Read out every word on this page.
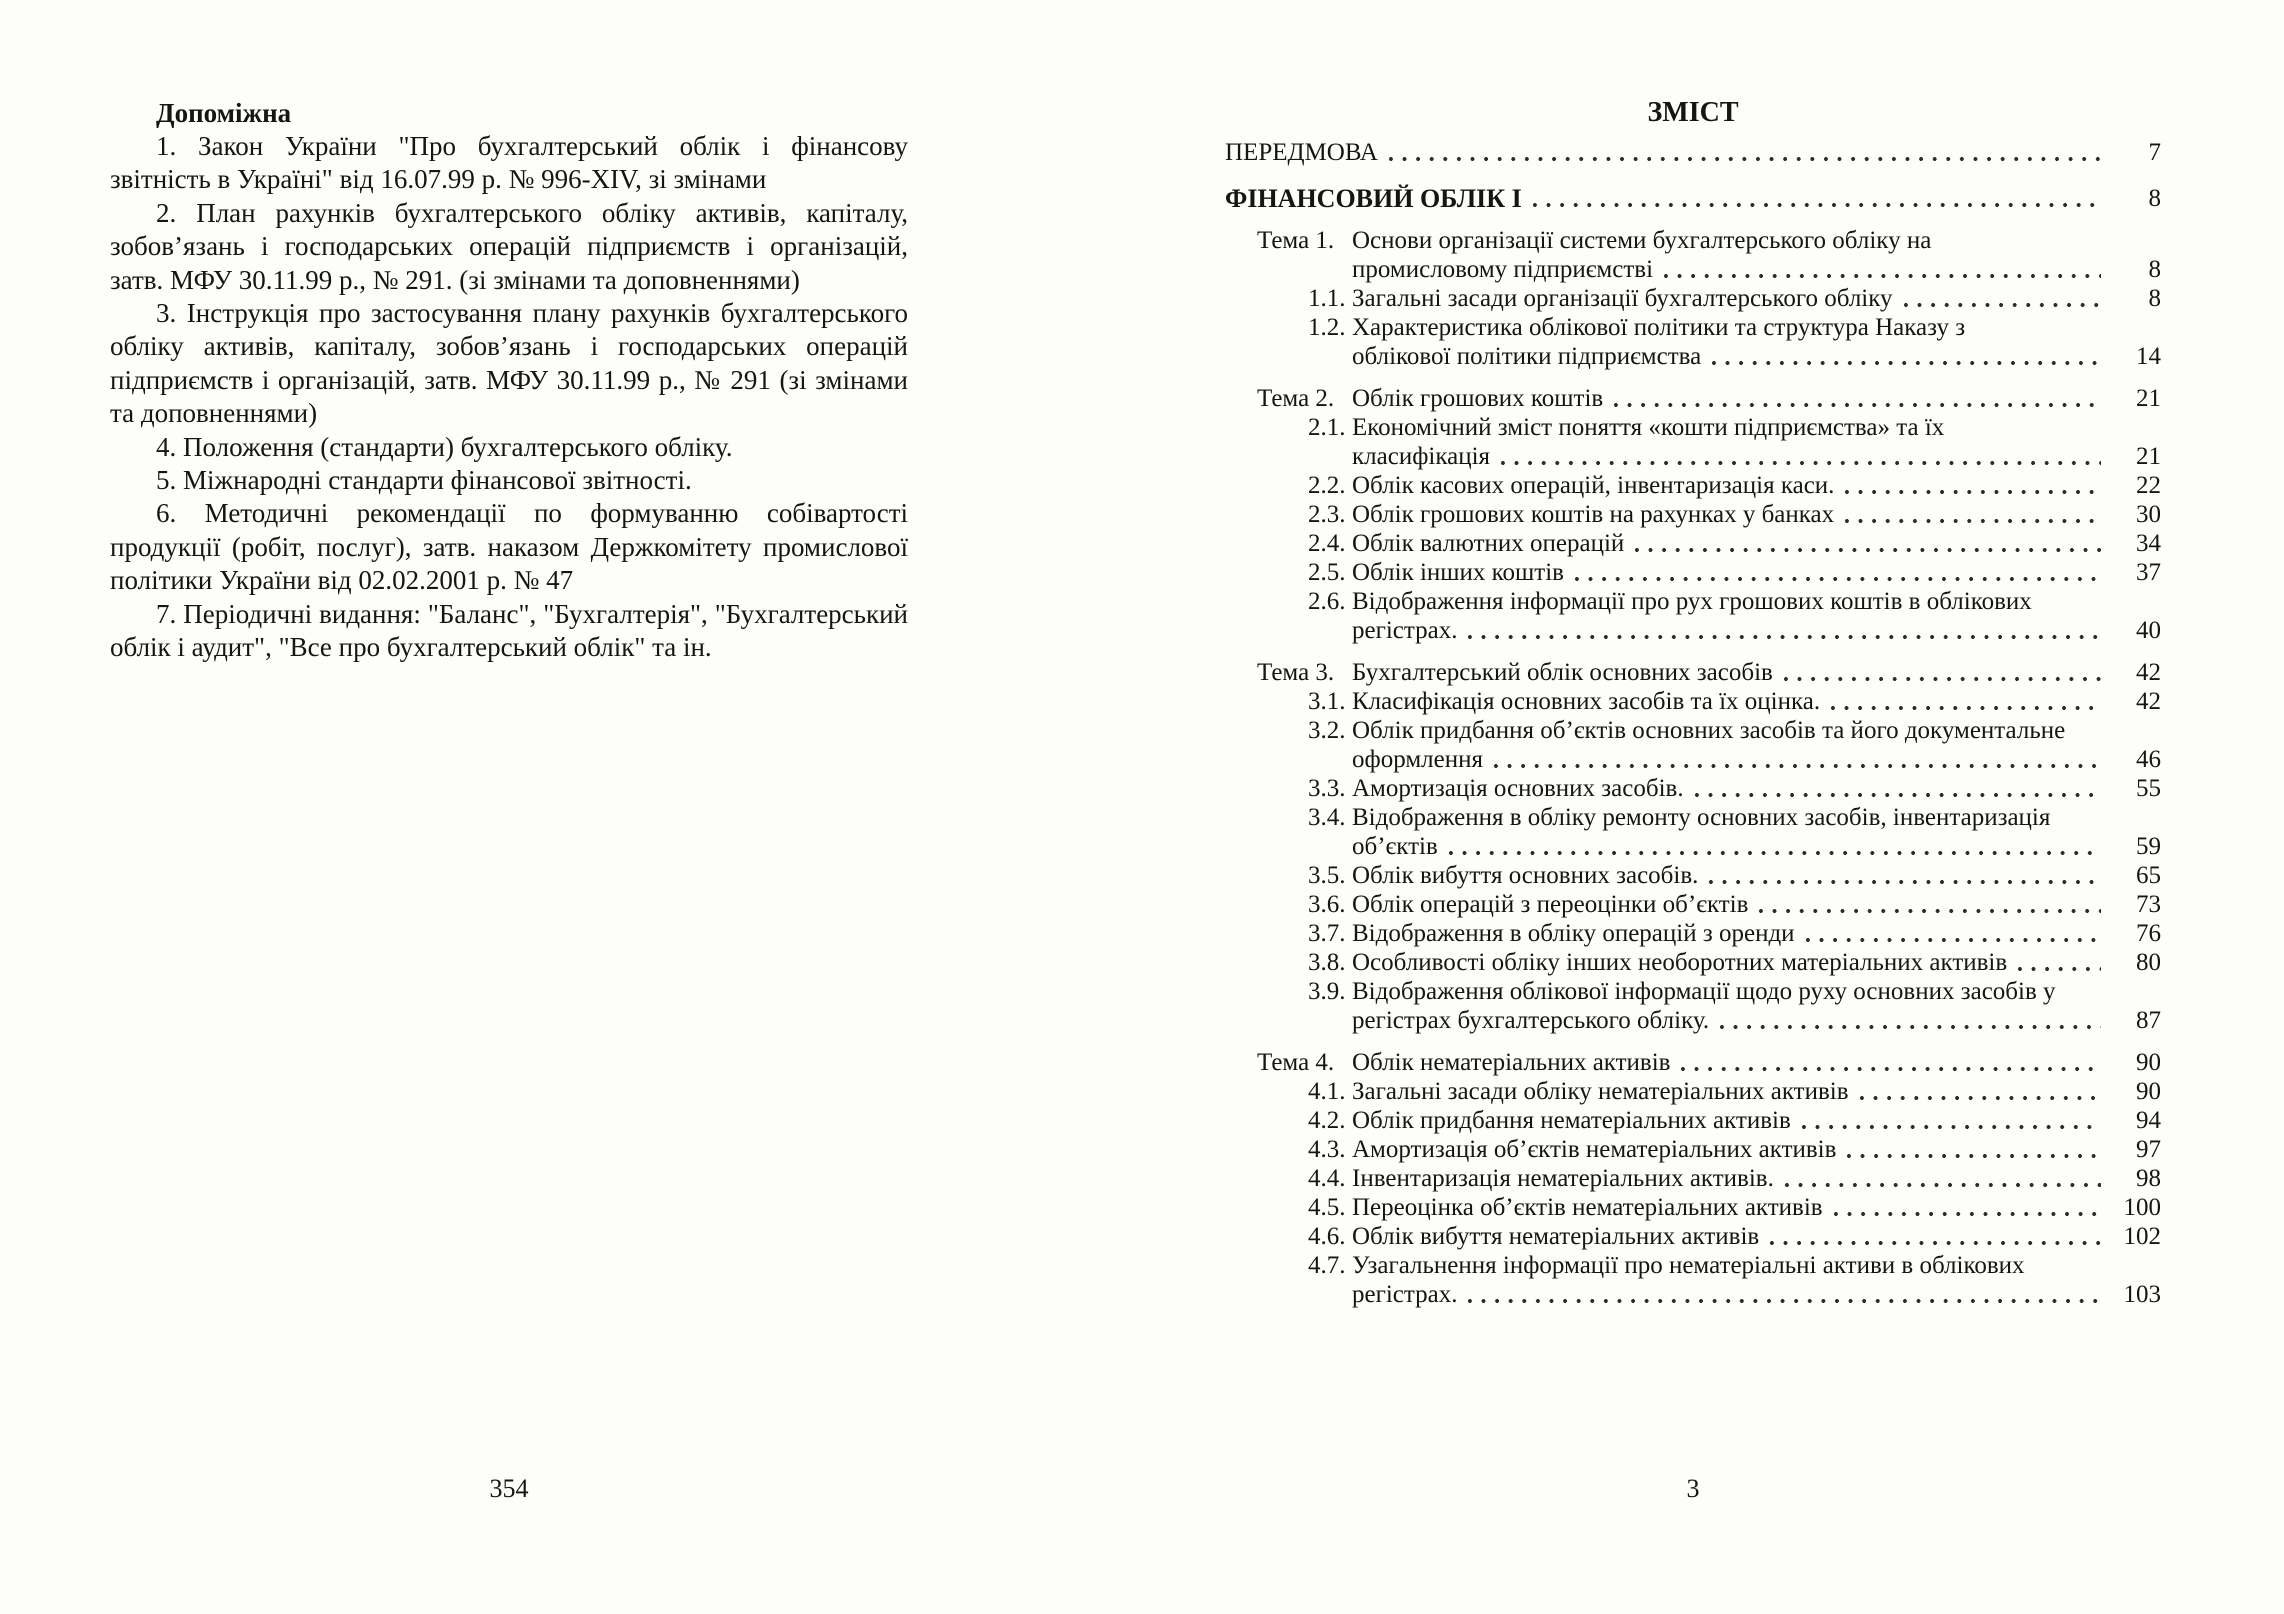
Допоміжна

1. Закон України "Про бухгалтерський облік і фінансову звітність в Україні" від 16.07.99 р. № 996-XIV, зі змінами

2. План рахунків бухгалтерського обліку активів, капіталу, зобов’язань і господарських операцій підприємств і організацій, затв. МФУ 30.11.99 р., № 291. (зі змінами та доповненнями)

3. Інструкція про застосування плану рахунків бухгалтерського обліку активів, капіталу, зобов’язань і господарських операцій підприємств і організацій, затв. МФУ 30.11.99 р., № 291 (зі змінами та доповненнями)

4. Положення (стандарти) бухгалтерського обліку.

5. Міжнародні стандарти фінансової звітності.

6. Методичні рекомендації по формуванню собівартості продукції (робіт, послуг), затв. наказом Держкомітету промислової політики України від 02.02.2001 р. № 47

7. Періодичні видання: "Баланс", "Бухгалтерія", "Бухгалтерський облік і аудит", "Все про бухгалтерський облік" та ін.

ЗМІСТ
ПЕРЕДМОВА	7
ФІНАНСОВИЙ ОБЛІК І	8
Тема 1. Основи організації системи бухгалтерського обліку на
промисловому підприємстві	8
1.1. Загальні засади організації бухгалтерського обліку	8
1.2. Характеристика облікової політики та структура Наказу з
облікової політики підприємства	14
Тема 2. Облік грошових коштів	21
2.1. Економічний зміст поняття «кошти підприємства» та їх
класифікація	21
2.2. Облік касових операцій, інвентаризація каси.	22
2.3. Облік грошових коштів на рахунках у банках	30
2.4. Облік валютних операцій	34
2.5. Облік інших коштів	37
2.6. Відображення інформації про рух грошових коштів в облікових
регістрах.	40
Тема 3. Бухгалтерський облік основних засобів	42
3.1. Класифікація основних засобів та їх оцінка.	42
3.2. Облік придбання об’єктів основних засобів та його документальне
оформлення	46
3.3. Амортизація основних засобів.	55
3.4. Відображення в обліку ремонту основних засобів, інвентаризація
об’єктів	59
3.5. Облік вибуття основних засобів.	65
3.6. Облік операцій з переоцінки об’єктів	73
3.7. Відображення в обліку операцій з оренди	76
3.8. Особливості обліку інших необоротних матеріальних активів	80
3.9. Відображення облікової інформації щодо руху основних засобів у
регістрах бухгалтерського обліку.	87
Тема 4. Облік нематеріальних активів	90
4.1. Загальні засади обліку нематеріальних активів	90
4.2. Облік придбання нематеріальних активів	94
4.3. Амортизація об’єктів нематеріальних активів	97
4.4. Інвентаризація нематеріальних активів.	98
4.5. Переоцінка об’єктів нематеріальних активів	100
4.6. Облік вибуття нематеріальних активів	102
4.7. Узагальнення інформації про нематеріальні активи в облікових
регістрах.	103
354	3
